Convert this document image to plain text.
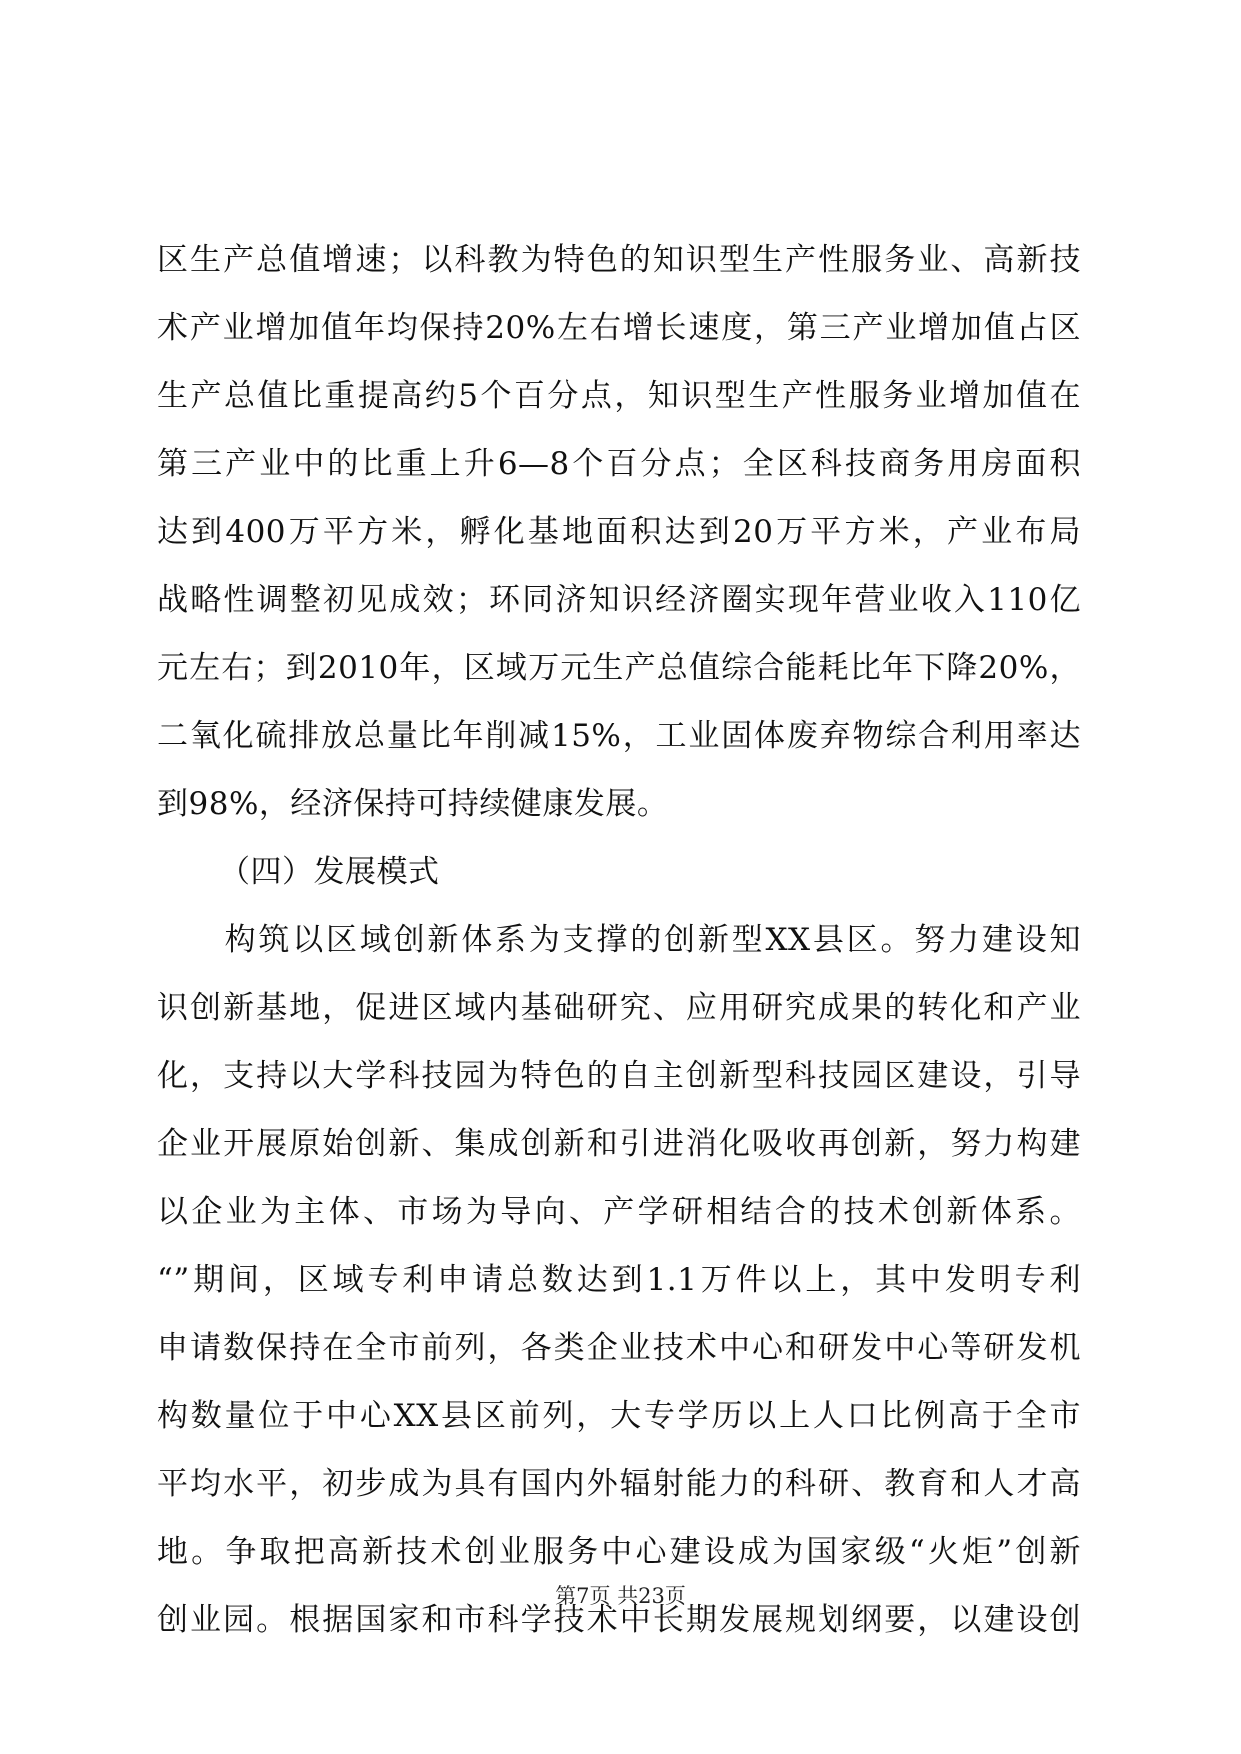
区生产总值增速；以科教为特色的知识型生产性服务业、高新技
术产业增加值年均保持20%左右增长速度，第三产业增加值占区
生产总值比重提高约5个百分点，知识型生产性服务业增加值在
第三产业中的比重上升6—8个百分点；全区科技商务用房面积
达到400万平方米，孵化基地面积达到20万平方米，产业布局
战略性调整初见成效；环同济知识经济圈实现年营业收入110亿
元左右；到2010年，区域万元生产总值综合能耗比年下降20%，
二氧化硫排放总量比年削减15%，工业固体废弃物综合利用率达
到98%，经济保持可持续健康发展。
（四）发展模式
　　构筑以区域创新体系为支撑的创新型XX县区。努力建设知
识创新基地，促进区域内基础研究、应用研究成果的转化和产业
化，支持以大学科技园为特色的自主创新型科技园区建设，引导
企业开展原始创新、集成创新和引进消化吸收再创新，努力构建
以企业为主体、市场为导向、产学研相结合的技术创新体系。
“”期间，区域专利申请总数达到1.1万件以上，其中发明专利
申请数保持在全市前列，各类企业技术中心和研发中心等研发机
构数量位于中心XX县区前列，大专学历以上人口比例高于全市
平均水平，初步成为具有国内外辐射能力的科研、教育和人才高
地。争取把高新技术创业服务中心建设成为国家级“火炬”创新
创业园。根据国家和市科学技术中长期发展规划纲要，以建设创
第7页 共23页
